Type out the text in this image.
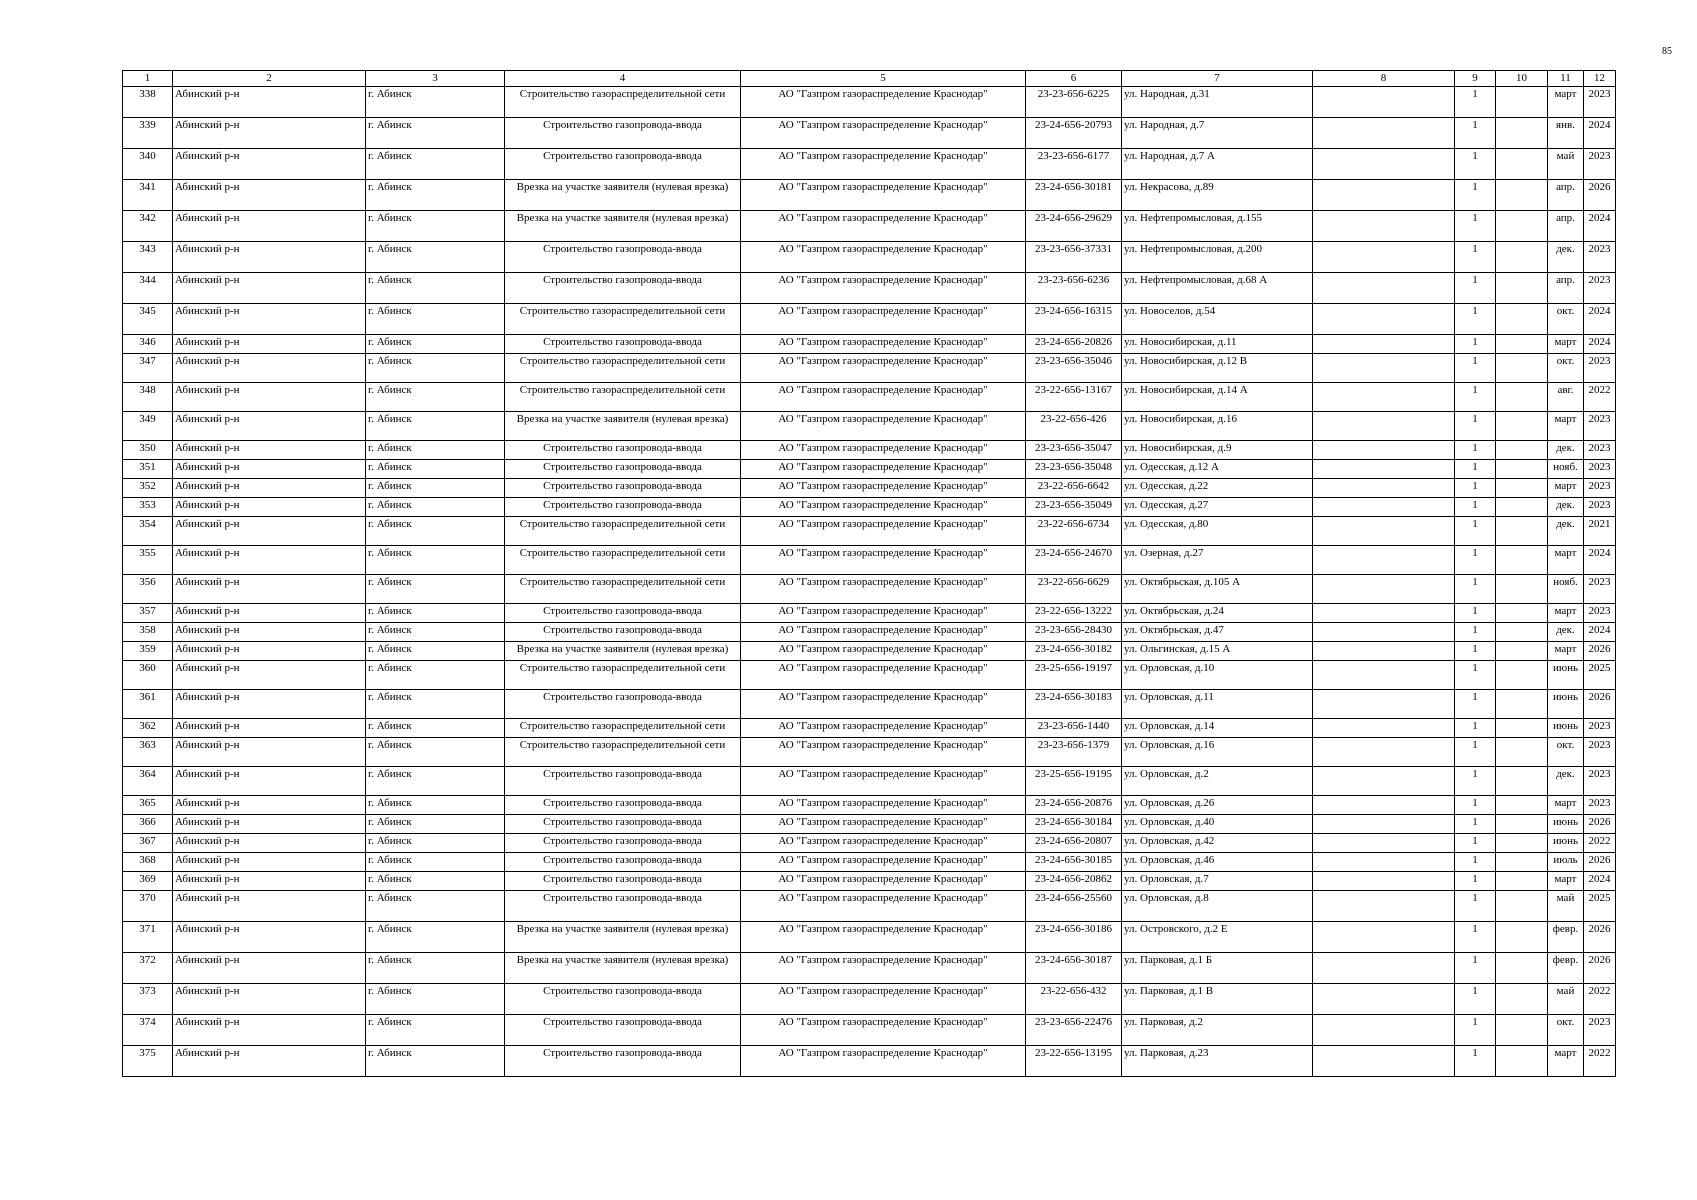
85
1	2	3	4	5	6	7	8	9	10	11	12
338	Абинский р-н	г. Абинск	Строительство газораспределительной сети	АО "Газпром газораспределение Краснодар"	23-23-656-6225	ул. Народная, д.31		1		март	2023
339	Абинский р-н	г. Абинск	Строительство газопровода-ввода	АО "Газпром газораспределение Краснодар"	23-24-656-20793	ул. Народная, д.7		1		янв.	2024
340	Абинский р-н	г. Абинск	Строительство газопровода-ввода	АО "Газпром газораспределение Краснодар"	23-23-656-6177	ул. Народная, д.7 А		1		май	2023
341	Абинский р-н	г. Абинск	Врезка на участке заявителя (нулевая врезка)	АО "Газпром газораспределение Краснодар"	23-24-656-30181	ул. Некрасова, д.89		1		апр.	2026
342	Абинский р-н	г. Абинск	Врезка на участке заявителя (нулевая врезка)	АО "Газпром газораспределение Краснодар"	23-24-656-29629	ул. Нефтепромысловая, д.155		1		апр.	2024
343	Абинский р-н	г. Абинск	Строительство газопровода-ввода	АО "Газпром газораспределение Краснодар"	23-23-656-37331	ул. Нефтепромысловая, д.200		1		дек.	2023
344	Абинский р-н	г. Абинск	Строительство газопровода-ввода	АО "Газпром газораспределение Краснодар"	23-23-656-6236	ул. Нефтепромысловая, д.68 А		1		апр.	2023
345	Абинский р-н	г. Абинск	Строительство газораспределительной сети	АО "Газпром газораспределение Краснодар"	23-24-656-16315	ул. Новоселов, д.54		1		окт.	2024
346	Абинский р-н	г. Абинск	Строительство газопровода-ввода	АО "Газпром газораспределение Краснодар"	23-24-656-20826	ул. Новосибирская, д.11		1		март	2024
347	Абинский р-н	г. Абинск	Строительство газораспределительной сети	АО "Газпром газораспределение Краснодар"	23-23-656-35046	ул. Новосибирская, д.12 В		1		окт.	2023
348	Абинский р-н	г. Абинск	Строительство газораспределительной сети	АО "Газпром газораспределение Краснодар"	23-22-656-13167	ул. Новосибирская, д.14 А		1		авг.	2022
349	Абинский р-н	г. Абинск	Врезка на участке заявителя (нулевая врезка)	АО "Газпром газораспределение Краснодар"	23-22-656-426	ул. Новосибирская, д.16		1		март	2023
350	Абинский р-н	г. Абинск	Строительство газопровода-ввода	АО "Газпром газораспределение Краснодар"	23-23-656-35047	ул. Новосибирская, д.9		1		дек.	2023
351	Абинский р-н	г. Абинск	Строительство газопровода-ввода	АО "Газпром газораспределение Краснодар"	23-23-656-35048	ул. Одесская, д.12 А		1		нояб.	2023
352	Абинский р-н	г. Абинск	Строительство газопровода-ввода	АО "Газпром газораспределение Краснодар"	23-22-656-6642	ул. Одесская, д.22		1		март	2023
353	Абинский р-н	г. Абинск	Строительство газопровода-ввода	АО "Газпром газораспределение Краснодар"	23-23-656-35049	ул. Одесская, д.27		1		дек.	2023
354	Абинский р-н	г. Абинск	Строительство газораспределительной сети	АО "Газпром газораспределение Краснодар"	23-22-656-6734	ул. Одесская, д.80		1		дек.	2021
355	Абинский р-н	г. Абинск	Строительство газораспределительной сети	АО "Газпром газораспределение Краснодар"	23-24-656-24670	ул. Озерная, д.27		1		март	2024
356	Абинский р-н	г. Абинск	Строительство газораспределительной сети	АО "Газпром газораспределение Краснодар"	23-22-656-6629	ул. Октябрьская, д.105 А		1		нояб.	2023
357	Абинский р-н	г. Абинск	Строительство газопровода-ввода	АО "Газпром газораспределение Краснодар"	23-22-656-13222	ул. Октябрьская, д.24		1		март	2023
358	Абинский р-н	г. Абинск	Строительство газопровода-ввода	АО "Газпром газораспределение Краснодар"	23-23-656-28430	ул. Октябрьская, д.47		1		дек.	2024
359	Абинский р-н	г. Абинск	Врезка на участке заявителя (нулевая врезка)	АО "Газпром газораспределение Краснодар"	23-24-656-30182	ул. Ольгинская, д.15 А		1		март	2026
360	Абинский р-н	г. Абинск	Строительство газораспределительной сети	АО "Газпром газораспределение Краснодар"	23-25-656-19197	ул. Орловская, д.10		1		июнь	2025
361	Абинский р-н	г. Абинск	Строительство газопровода-ввода	АО "Газпром газораспределение Краснодар"	23-24-656-30183	ул. Орловская, д.11		1		июнь	2026
362	Абинский р-н	г. Абинск	Строительство газораспределительной сети	АО "Газпром газораспределение Краснодар"	23-23-656-1440	ул. Орловская, д.14		1		июнь	2023
363	Абинский р-н	г. Абинск	Строительство газораспределительной сети	АО "Газпром газораспределение Краснодар"	23-23-656-1379	ул. Орловская, д.16		1		окт.	2023
364	Абинский р-н	г. Абинск	Строительство газопровода-ввода	АО "Газпром газораспределение Краснодар"	23-25-656-19195	ул. Орловская, д.2		1		дек.	2023
365	Абинский р-н	г. Абинск	Строительство газопровода-ввода	АО "Газпром газораспределение Краснодар"	23-24-656-20876	ул. Орловская, д.26		1		март	2023
366	Абинский р-н	г. Абинск	Строительство газопровода-ввода	АО "Газпром газораспределение Краснодар"	23-24-656-30184	ул. Орловская, д.40		1		июнь	2026
367	Абинский р-н	г. Абинск	Строительство газопровода-ввода	АО "Газпром газораспределение Краснодар"	23-24-656-20807	ул. Орловская, д.42		1		июнь	2022
368	Абинский р-н	г. Абинск	Строительство газопровода-ввода	АО "Газпром газораспределение Краснодар"	23-24-656-30185	ул. Орловская, д.46		1		июль	2026
369	Абинский р-н	г. Абинск	Строительство газопровода-ввода	АО "Газпром газораспределение Краснодар"	23-24-656-20862	ул. Орловская, д.7		1		март	2024
370	Абинский р-н	г. Абинск	Строительство газопровода-ввода	АО "Газпром газораспределение Краснодар"	23-24-656-25560	ул. Орловская, д.8		1		май	2025
371	Абинский р-н	г. Абинск	Врезка на участке заявителя (нулевая врезка)	АО "Газпром газораспределение Краснодар"	23-24-656-30186	ул. Островского, д.2 Е		1		февр.	2026
372	Абинский р-н	г. Абинск	Врезка на участке заявителя (нулевая врезка)	АО "Газпром газораспределение Краснодар"	23-24-656-30187	ул. Парковая, д.1 Б		1		февр.	2026
373	Абинский р-н	г. Абинск	Строительство газопровода-ввода	АО "Газпром газораспределение Краснодар"	23-22-656-432	ул. Парковая, д.1 В		1		май	2022
374	Абинский р-н	г. Абинск	Строительство газопровода-ввода	АО "Газпром газораспределение Краснодар"	23-23-656-22476	ул. Парковая, д.2		1		окт.	2023
375	Абинский р-н	г. Абинск	Строительство газопровода-ввода	АО "Газпром газораспределение Краснодар"	23-22-656-13195	ул. Парковая, д.23		1		март	2022
